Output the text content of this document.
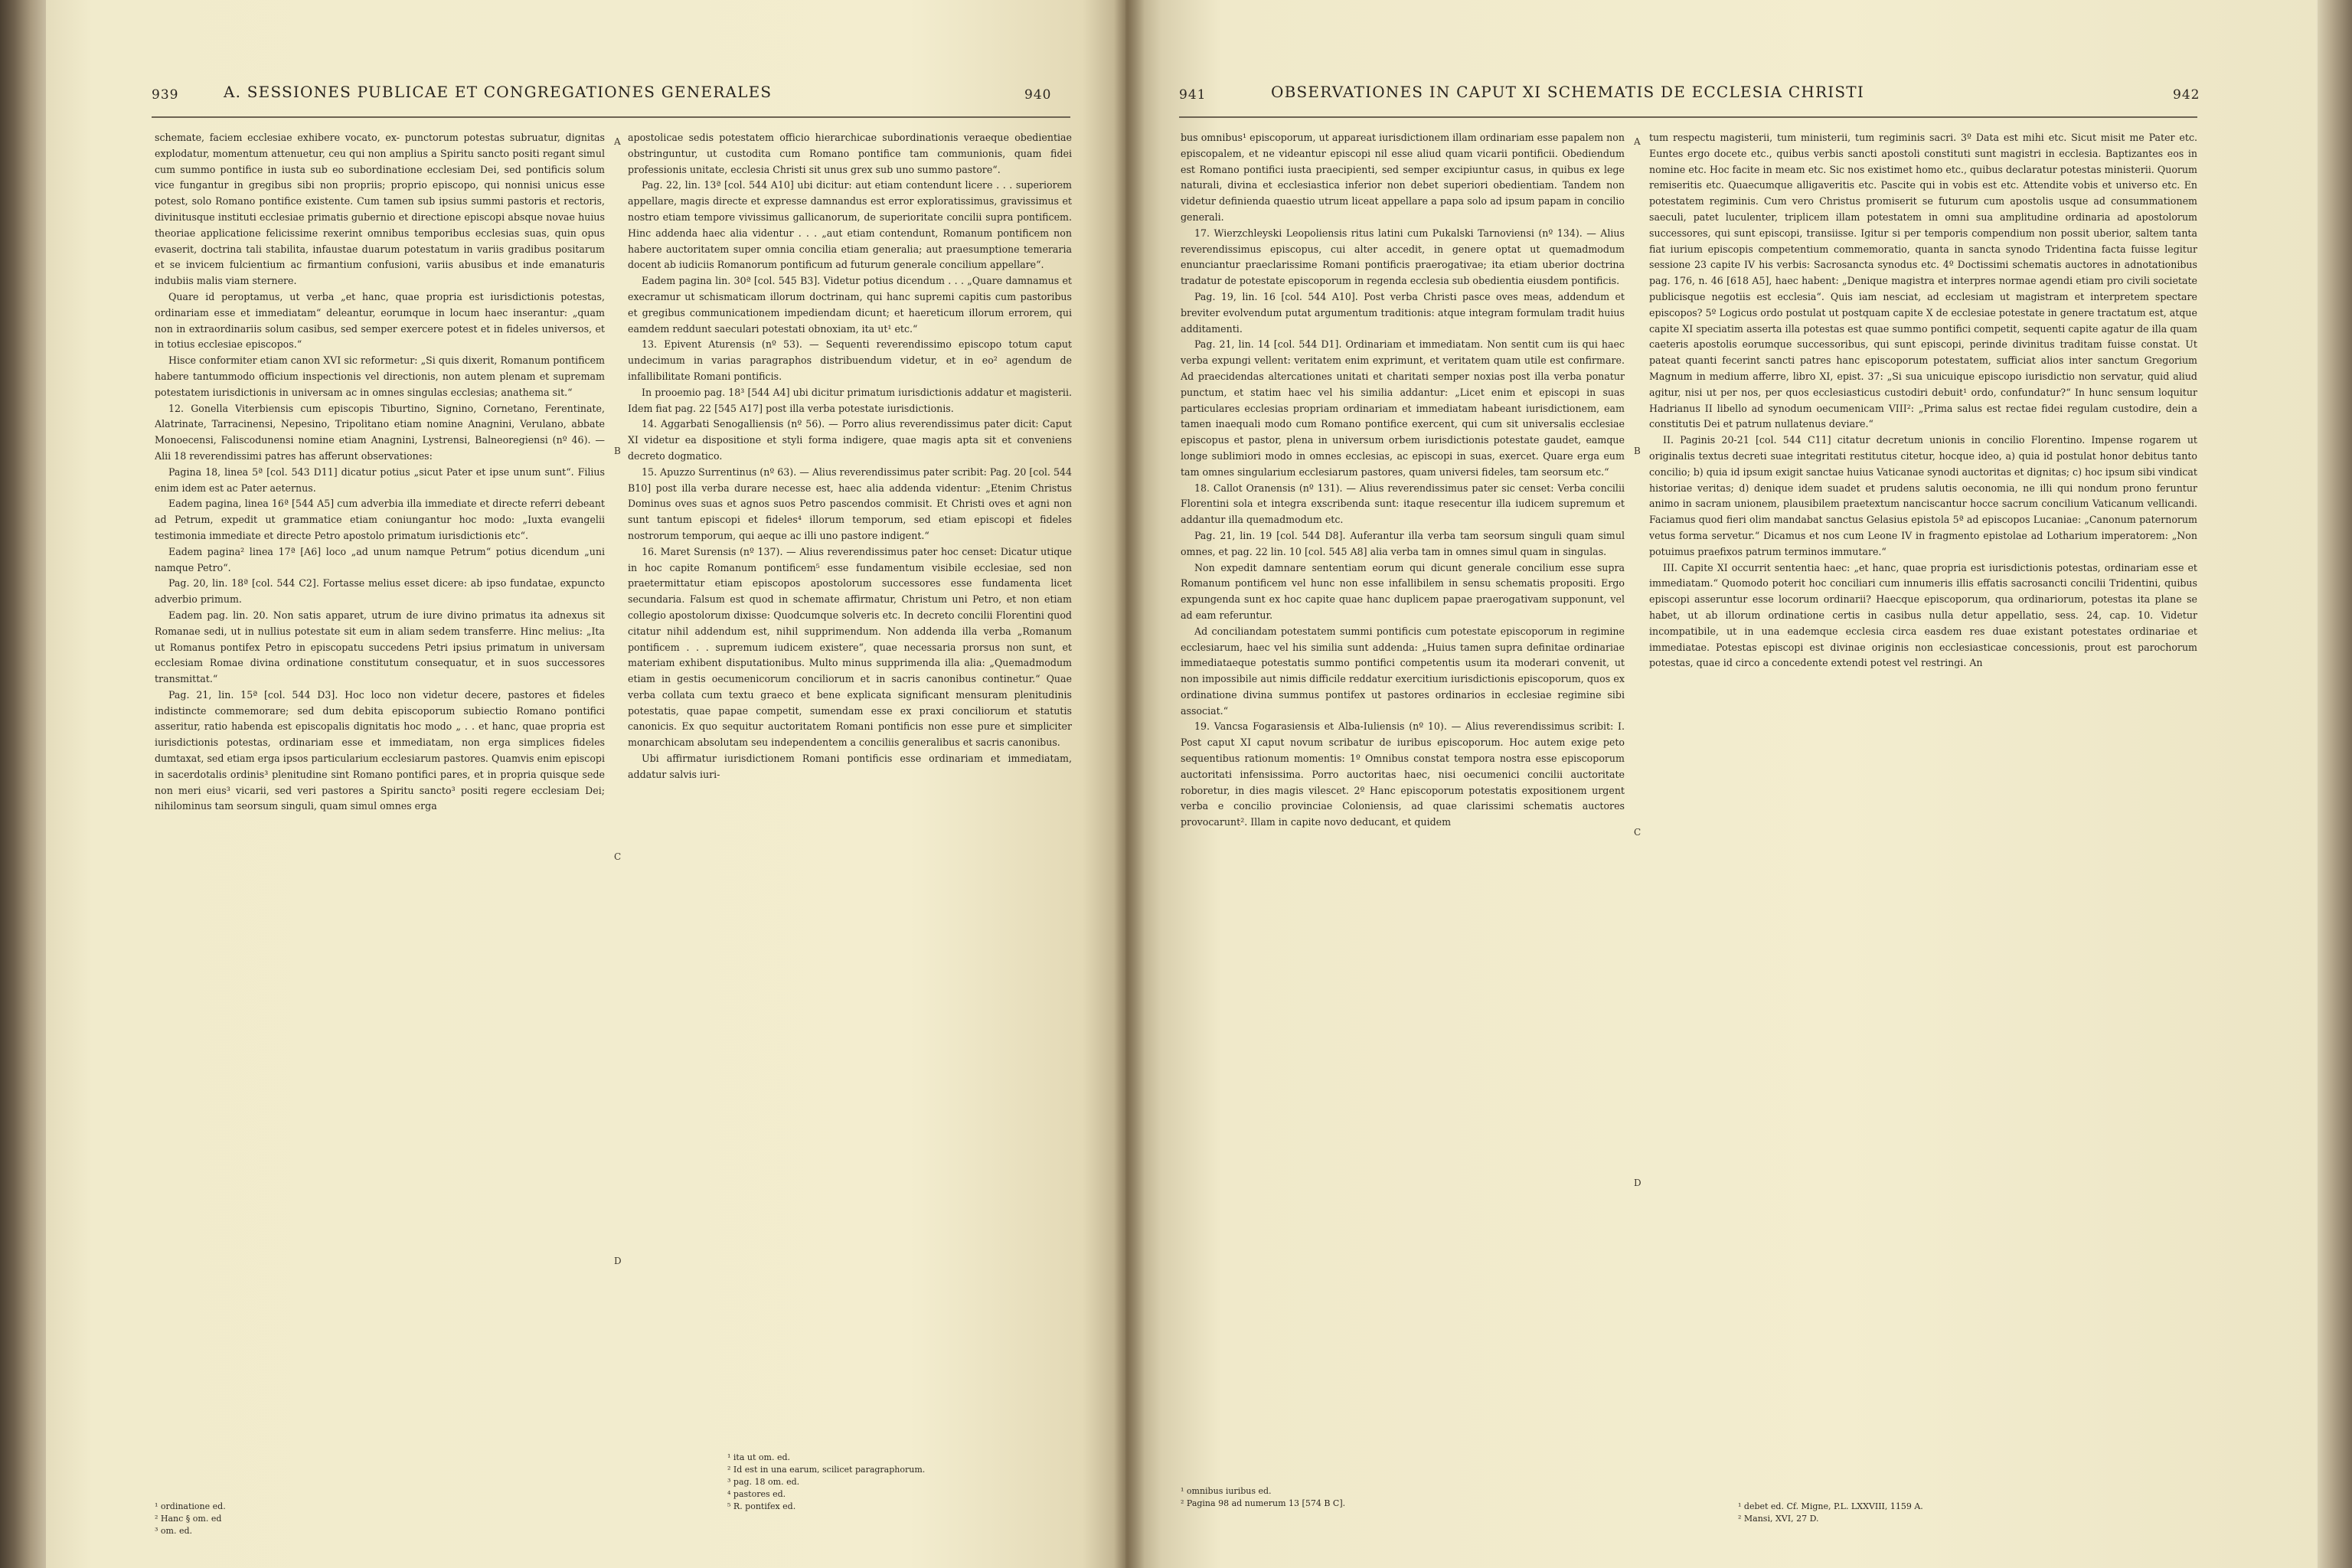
939	A. SESSIONES PUBLICAE ET CONGREGATIONES GENERALES	940

schemate, faciem ecclesiae exhibere vocato, ex- punctorum potestas subruatur, dignitas explodatur, momentum attenuetur, ceu qui non amplius a Spiritu sancto positi regant simul cum summo pontifice in iusta sub eo subordinatione ecclesiam Dei, sed pontificis solum vice fungantur in gregibus sibi non propriis; proprio episcopo, qui nonnisi unicus esse potest, solo Romano pontifice existente. Cum tamen sub ipsius summi pastoris et rectoris, divinitusque instituti ecclesiae primatis gubernio et directione episcopi absque novae huius theoriae applicatione felicissime rexerint omnibus temporibus ecclesias suas, quin opus evaserit, doctrina tali stabilita, infaustae duarum potestatum in variis gradibus positarum et se invicem fulcientium ac firmantium confusioni, variis abusibus et inde emanaturis indubiis malis viam sternere.

Quare id peroptamus, ut verba „et hanc, quae propria est iurisdictionis potestas, ordinariam esse et immediatam“ deleantur, eorumque in locum haec inserantur: „quam non in extraordinariis solum casibus, sed semper exercere potest et in fideles universos, et in totius ecclesiae episcopos.“

Hisce conformiter etiam canon XVI sic reformetur: „Si quis dixerit, Romanum pontificem habere tantummodo officium inspectionis vel directionis, non autem plenam et supremam potestatem iurisdictionis in universam ac in omnes singulas ecclesias; anathema sit.“

12. Gonella Viterbiensis cum episcopis Tiburtino, Signino, Cornetano, Ferentinate, Alatrinate, Tarracinensi, Nepesino, Tripolitano etiam nomine Anagnini, Verulano, abbate Monoecensi, Faliscodunensi nomine etiam Anagnini, Lystrensi, Balneoregiensi (nº 46). — Alii 18 reverendissimi patres has afferunt observationes:

Pagina 18, linea 5ª [col. 543 D11] dicatur potius „sicut Pater et ipse unum sunt“. Filius enim idem est ac Pater aeternus.

Eadem pagina, linea 16ª [544 A5] cum adverbia illa immediate et directe referri debeant ad Petrum, expedit ut grammatice etiam coniungantur hoc modo: „Iuxta evangelii testimonia immediate et directe Petro apostolo primatum iurisdictionis etc“.

Eadem pagina² linea 17ª [A6] loco „ad unum namque Petrum“ potius dicendum „uni namque Petro“.

Pag. 20, lin. 18ª [col. 544 C2]. Fortasse melius esset dicere: ab ipso fundatae, expuncto adverbio primum.

Eadem pag. lin. 20. Non satis apparet, utrum de iure divino primatus ita adnexus sit Romanae sedi, ut in nullius potestate sit eum in aliam sedem transferre. Hinc melius: „Ita ut Romanus pontifex Petro in episcopatu succedens Petri ipsius primatum in universam ecclesiam Romae divina ordinatione constitutum consequatur, et in suos successores transmittat.“

Pag. 21, lin. 15ª [col. 544 D3]. Hoc loco non videtur decere, pastores et fideles indistincte commemorare; sed dum debita episcoporum subiectio Romano pontifici asseritur, ratio habenda est episcopalis dignitatis hoc modo „ . . et hanc, quae propria est iurisdictionis potestas, ordinariam esse et immediatam, non erga simplices fideles dumtaxat, sed etiam erga ipsos particularium ecclesiarum pastores. Quamvis enim episcopi in sacerdotalis ordinis³ plenitudine sint Romano pontifici pares, et in propria quisque sede non meri eius³ vicarii, sed veri pastores a Spiritu sancto³ positi regere ecclesiam Dei; nihilominus tam seorsum singuli, quam simul omnes erga

¹ ordinatione ed.
² Hanc § om. ed
³ om. ed.
A
B
C
D

apostolicae sedis potestatem officio hierarchicae subordinationis veraeque obedientiae obstringuntur, ut custodita cum Romano pontifice tam communionis, quam fidei professionis unitate, ecclesia Christi sit unus grex sub uno summo pastore“.

Pag. 22, lin. 13ª [col. 544 A10] ubi dicitur: aut etiam contendunt licere . . . superiorem appellare, magis directe et expresse damnandus est error exploratissimus, gravissimus et nostro etiam tempore vivissimus gallicanorum, de superioritate concilii supra pontificem. Hinc addenda haec alia videntur . . . „aut etiam contendunt, Romanum pontificem non habere auctoritatem super omnia concilia etiam generalia; aut praesumptione temeraria docent ab iudiciis Romanorum pontificum ad futurum generale concilium appellare“.

Eadem pagina lin. 30ª [col. 545 B3]. Videtur potius dicendum . . . „Quare damnamus et execramur ut schismaticam illorum doctrinam, qui hanc supremi capitis cum pastoribus et gregibus communicationem impediendam dicunt; et haereticum illorum errorem, qui eamdem reddunt saeculari potestati obnoxiam, ita ut¹ etc.“

13. Epivent Aturensis (nº 53). — Sequenti reverendissimo episcopo totum caput undecimum in varias paragraphos distribuendum videtur, et in eo² agendum de infallibilitate Romani pontificis.

In prooemio pag. 18³ [544 A4] ubi dicitur primatum iurisdictionis addatur et magisterii. Idem fiat pag. 22 [545 A17] post illa verba potestate iurisdictionis.

14. Aggarbati Senogalliensis (nº 56). — Porro alius reverendissimus pater dicit: Caput XI videtur ea dispositione et styli forma indigere, quae magis apta sit et conveniens decreto dogmatico.

15. Apuzzo Surrentinus (nº 63). — Alius reverendissimus pater scribit: Pag. 20 [col. 544 B10] post illa verba durare necesse est, haec alia addenda videntur: „Etenim Christus Dominus oves suas et agnos suos Petro pascendos commisit. Et Christi oves et agni non sunt tantum episcopi et fideles⁴ illorum temporum, sed etiam episcopi et fideles nostrorum temporum, qui aeque ac illi uno pastore indigent.“

16. Maret Surensis (nº 137). — Alius reverendissimus pater hoc censet: Dicatur utique in hoc capite Romanum pontificem⁵ esse fundamentum visibile ecclesiae, sed non praetermittatur etiam episcopos apostolorum successores esse fundamenta licet secundaria. Falsum est quod in schemate affirmatur, Christum uni Petro, et non etiam collegio apostolorum dixisse: Quodcumque solveris etc. In decreto concilii Florentini quod citatur nihil addendum est, nihil supprimendum. Non addenda illa verba „Romanum pontificem . . . supremum iudicem existere“, quae necessaria prorsus non sunt, et materiam exhibent disputationibus. Multo minus supprimenda illa alia: „Quemadmodum etiam in gestis oecumenicorum conciliorum et in sacris canonibus continetur.“ Quae verba collata cum textu graeco et bene explicata significant mensuram plenitudinis potestatis, quae papae competit, sumendam esse ex praxi conciliorum et statutis canonicis. Ex quo sequitur auctoritatem Romani pontificis non esse pure et simpliciter monarchicam absolutam seu independentem a conciliis generalibus et sacris canonibus.

Ubi affirmatur iurisdictionem Romani pontificis esse ordinariam et immediatam, addatur salvis iuri-

¹ ita ut om. ed.
² Id est in una earum, scilicet paragraphorum.
³ pag. 18 om. ed.
⁴ pastores ed.
⁵ R. pontifex ed.
941	OBSERVATIONES IN CAPUT XI SCHEMATIS DE ECCLESIA CHRISTI	942

bus omnibus¹ episcoporum, ut appareat iurisdictionem illam ordinariam esse papalem non episcopalem, et ne videantur episcopi nil esse aliud quam vicarii pontificii. Obediendum est Romano pontifici iusta praecipienti, sed semper excipiuntur casus, in quibus ex lege naturali, divina et ecclesiastica inferior non debet superiori obedientiam. Tandem non videtur definienda quaestio utrum liceat appellare a papa solo ad ipsum papam in concilio generali.

17. Wierzchleyski Leopoliensis ritus latini cum Pukalski Tarnoviensi (nº 134). — Alius reverendissimus episcopus, cui alter accedit, in genere optat ut quemadmodum enunciantur praeclarissime Romani pontificis praerogativae; ita etiam uberior doctrina tradatur de potestate episcoporum in regenda ecclesia sub obedientia eiusdem pontificis.

Pag. 19, lin. 16 [col. 544 A10]. Post verba Christi pasce oves meas, addendum et breviter evolvendum putat argumentum traditionis: atque integram formulam tradit huius additamenti.

Pag. 21, lin. 14 [col. 544 D1]. Ordinariam et immediatam. Non sentit cum iis qui haec verba expungi vellent: veritatem enim exprimunt, et veritatem quam utile est confirmare. Ad praecidendas altercationes unitati et charitati semper noxias post illa verba ponatur punctum, et statim haec vel his similia addantur: „Licet enim et episcopi in suas particulares ecclesias propriam ordinariam et immediatam habeant iurisdictionem, eam tamen inaequali modo cum Romano pontifice exercent, qui cum sit universalis ecclesiae episcopus et pastor, plena in universum orbem iurisdictionis potestate gaudet, eamque longe sublimiori modo in omnes ecclesias, ac episcopi in suas, exercet. Quare erga eum tam omnes singularium ecclesiarum pastores, quam universi fideles, tam seorsum etc.“

18. Callot Oranensis (nº 131). — Alius reverendissimus pater sic censet: Verba concilii Florentini sola et integra exscribenda sunt: itaque resecentur illa iudicem supremum et addantur illa quemadmodum etc.

Pag. 21, lin. 19 [col. 544 D8]. Auferantur illa verba tam seorsum singuli quam simul omnes, et pag. 22 lin. 10 [col. 545 A8] alia verba tam in omnes simul quam in singulas.

Non expedit damnare sententiam eorum qui dicunt generale concilium esse supra Romanum pontificem vel hunc non esse infallibilem in sensu schematis propositi. Ergo expungenda sunt ex hoc capite quae hanc duplicem papae praerogativam supponunt, vel ad eam referuntur.

Ad conciliandam potestatem summi pontificis cum potestate episcoporum in regimine ecclesiarum, haec vel his similia sunt addenda: „Huius tamen supra definitae ordinariae immediataeque potestatis summo pontifici competentis usum ita moderari convenit, ut non impossibile aut nimis difficile reddatur exercitium iurisdictionis episcoporum, quos ex ordinatione divina summus pontifex ut pastores ordinarios in ecclesiae regimine sibi associat.“

19. Vancsa Fogarasiensis et Alba-Iuliensis (nº 10). — Alius reverendissimus scribit: I. Post caput XI caput novum scribatur de iuribus episcoporum. Hoc autem exige peto sequentibus rationum momentis: 1º Omnibus constat tempora nostra esse episcoporum auctoritati infensissima. Porro auctoritas haec, nisi oecumenici concilii auctoritate roboretur, in dies magis vilescet. 2º Hanc episcoporum potestatis expositionem urgent verba e concilio provinciae Coloniensis, ad quae clarissimi schematis auctores provocarunt². Illam in capite novo deducant, et quidem

¹ omnibus iuribus ed.
² Pagina 98 ad numerum 13 [574 B C].
A
B
C
D

tum respectu magisterii, tum ministerii, tum regiminis sacri. 3º Data est mihi etc. Sicut misit me Pater etc. Euntes ergo docete etc., quibus verbis sancti apostoli constituti sunt magistri in ecclesia. Baptizantes eos in nomine etc. Hoc facite in meam etc. Sic nos existimet homo etc., quibus declaratur potestas ministerii. Quorum remiseritis etc. Quaecumque alligaveritis etc. Pascite qui in vobis est etc. Attendite vobis et universo etc. En potestatem regiminis. Cum vero Christus promiserit se futurum cum apostolis usque ad consummationem saeculi, patet luculenter, triplicem illam potestatem in omni sua amplitudine ordinaria ad apostolorum successores, qui sunt episcopi, transiisse. Igitur si per temporis compendium non possit uberior, saltem tanta fiat iurium episcopis competentium commemoratio, quanta in sancta synodo Tridentina facta fuisse legitur sessione 23 capite IV his verbis: Sacrosancta synodus etc. 4º Doctissimi schematis auctores in adnotationibus pag. 176, n. 46 [618 A5], haec habent: „Denique magistra et interpres normae agendi etiam pro civili societate publicisque negotiis est ecclesia“. Quis iam nesciat, ad ecclesiam ut magistram et interpretem spectare episcopos? 5º Logicus ordo postulat ut postquam capite X de ecclesiae potestate in genere tractatum est, atque capite XI speciatim asserta illa potestas est quae summo pontifici competit, sequenti capite agatur de illa quam caeteris apostolis eorumque successoribus, qui sunt episcopi, perinde divinitus traditam fuisse constat. Ut pateat quanti fecerint sancti patres hanc episcoporum potestatem, sufficiat alios inter sanctum Gregorium Magnum in medium afferre, libro XI, epist. 37: „Si sua unicuique episcopo iurisdictio non servatur, quid aliud agitur, nisi ut per nos, per quos ecclesiasticus custodiri debuit¹ ordo, confundatur?“ In hunc sensum loquitur Hadrianus II libello ad synodum oecumenicam VIII²: „Prima salus est rectae fidei regulam custodire, dein a constitutis Dei et patrum nullatenus deviare.“

II. Paginis 20-21 [col. 544 C11] citatur decretum unionis in concilio Florentino. Impense rogarem ut originalis textus decreti suae integritati restitutus citetur, hocque ideo, a) quia id postulat honor debitus tanto concilio; b) quia id ipsum exigit sanctae huius Vaticanae synodi auctoritas et dignitas; c) hoc ipsum sibi vindicat historiae veritas; d) denique idem suadet et prudens salutis oeconomia, ne illi qui nondum prono feruntur animo in sacram unionem, plausibilem praetextum nanciscantur hocce sacrum concilium Vaticanum vellicandi. Faciamus quod fieri olim mandabat sanctus Gelasius epistola 5ª ad episcopos Lucaniae: „Canonum paternorum vetus forma servetur.“ Dicamus et nos cum Leone IV in fragmento epistolae ad Lotharium imperatorem: „Non potuimus praefixos patrum terminos immutare.“

III. Capite XI occurrit sententia haec: „et hanc, quae propria est iurisdictionis potestas, ordinariam esse et immediatam.“ Quomodo poterit hoc conciliari cum innumeris illis effatis sacrosancti concilii Tridentini, quibus episcopi asseruntur esse locorum ordinarii? Haecque episcoporum, qua ordinariorum, potestas ita plane se habet, ut ab illorum ordinatione certis in casibus nulla detur appellatio, sess. 24, cap. 10. Videtur incompatibile, ut in una eademque ecclesia circa easdem res duae existant potestates ordinariae et immediatae. Potestas episcopi est divinae originis non ecclesiasticae concessionis, prout est parochorum potestas, quae id circo a concedente extendi potest vel restringi. An

¹ debet ed. Cf. Migne, P.L. LXXVIII, 1159 A.
² Mansi, XVI, 27 D.
